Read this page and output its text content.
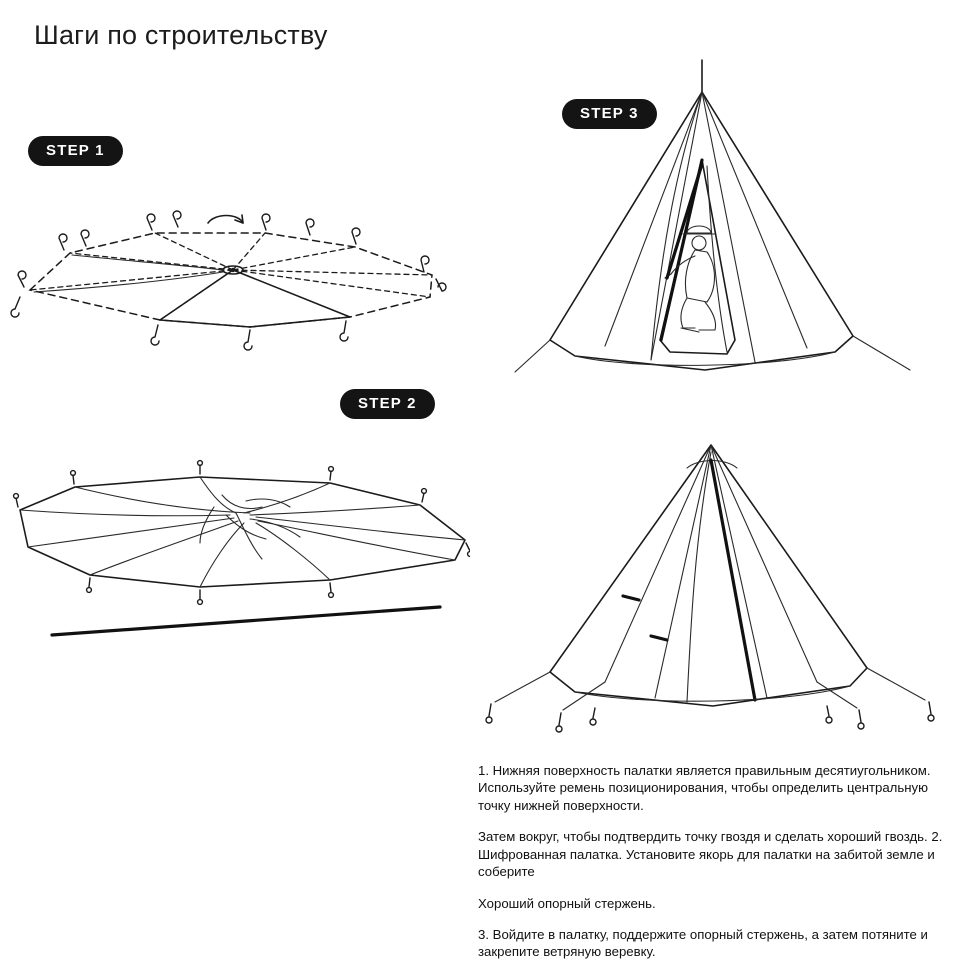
Шаги по строительству
STEP 1
STEP 2
STEP 3

1. Нижняя поверхность палатки является правильным десятиугольником. Используйте ремень позиционирования, чтобы определить центральную точку нижней поверхности.

Затем вокруг, чтобы подтвердить точку гвоздя и сделать хороший гвоздь. 2. Шифрованная палатка. Установите якорь для палатки на забитой земле и соберите

Хороший опорный стержень.

3. Войдите в палатку, поддержите опорный стержень, а затем потяните и закрепите ветряную веревку.
